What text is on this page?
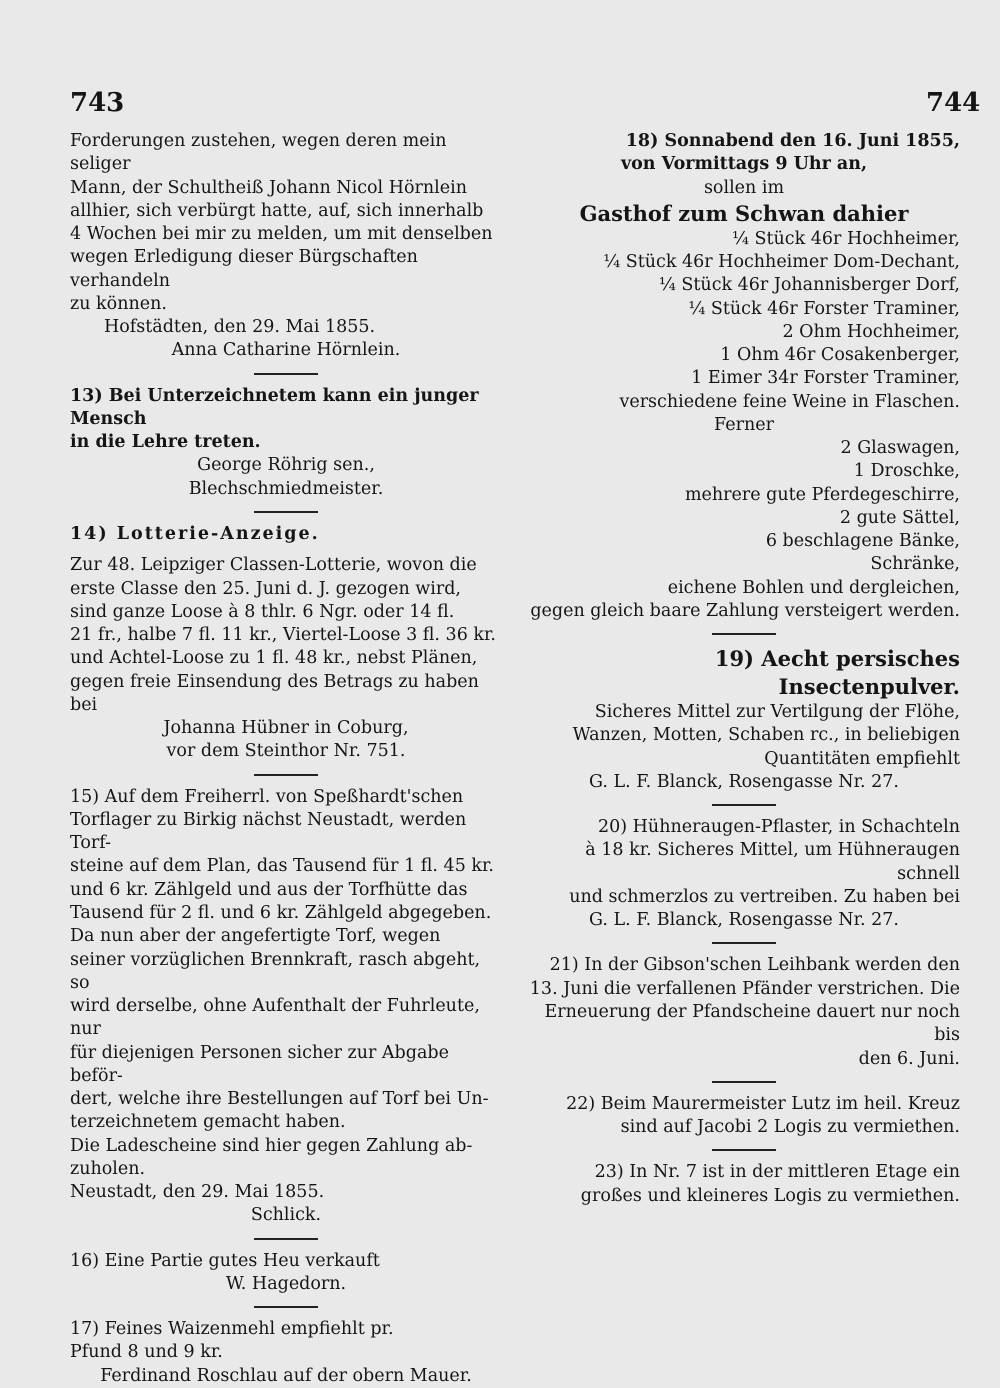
743	744

Forderungen zustehen, wegen deren mein seliger
Mann, der Schultheiß Johann Nicol Hörnlein
allhier, sich verbürgt hatte, auf, sich innerhalb
4 Wochen bei mir zu melden, um mit denselben
wegen Erledigung dieser Bürgschaften verhandeln
zu können.

Hofstädten, den 29. Mai 1855.

Anna Catharine Hörnlein.

13) Bei Unterzeichnetem kann ein junger Mensch
in die Lehre treten.

George Röhrig sen.,

Blechschmiedmeister.

14) Lotterie-Anzeige.

Zur 48. Leipziger Classen-Lotterie, wovon die
erste Classe den 25. Juni d. J. gezogen wird,
sind ganze Loose à 8 thlr. 6 Ngr. oder 14 fl.
21 fr., halbe 7 fl. 11 kr., Viertel-Loose 3 fl. 36 kr.
und Achtel-Loose zu 1 fl. 48 kr., nebst Plänen,
gegen freie Einsendung des Betrags zu haben bei

Johanna Hübner in Coburg,

vor dem Steinthor Nr. 751.

15) Auf dem Freiherrl. von Speßhardt'schen
Torflager zu Birkig nächst Neustadt, werden Torf-
steine auf dem Plan, das Tausend für 1 fl. 45 kr.
und 6 kr. Zählgeld und aus der Torfhütte das
Tausend für 2 fl. und 6 kr. Zählgeld abgegeben.

Da nun aber der angefertigte Torf, wegen
seiner vorzüglichen Brennkraft, rasch abgeht, so
wird derselbe, ohne Aufenthalt der Fuhrleute, nur
für diejenigen Personen sicher zur Abgabe beför-
dert, welche ihre Bestellungen auf Torf bei Un-
terzeichnetem gemacht haben.

Die Ladescheine sind hier gegen Zahlung ab-
zuholen.

Neustadt, den 29. Mai 1855.

Schlick.

16) Eine Partie gutes Heu verkauft

W. Hagedorn.

17) Feines Waizenmehl empfiehlt pr.
Pfund 8 und 9 kr.

Ferdinand Roschlau auf der obern Mauer.

18) Sonnabend den 16. Juni 1855,

von Vormittags 9 Uhr an,

sollen im

Gasthof zum Schwan dahier

¼ Stück 46r Hochheimer,
¼ Stück 46r Hochheimer Dom-Dechant,
¼ Stück 46r Johannisberger Dorf,
¼ Stück 46r Forster Traminer,
2 Ohm Hochheimer,
1 Ohm 46r Cosakenberger,
1 Eimer 34r Forster Traminer,
verschiedene feine Weine in Flaschen.

Ferner

2 Glaswagen,
1 Droschke,
mehrere gute Pferdegeschirre,
2 gute Sättel,
6 beschlagene Bänke,
Schränke,
eichene Bohlen und dergleichen,

gegen gleich baare Zahlung versteigert werden.

19) Aecht persisches Insectenpulver.

Sicheres Mittel zur Vertilgung der Flöhe,
Wanzen, Motten, Schaben rc., in beliebigen
Quantitäten empfiehlt

G. L. F. Blanck, Rosengasse Nr. 27.

20) Hühneraugen-Pflaster, in Schachteln
à 18 kr. Sicheres Mittel, um Hühneraugen schnell
und schmerzlos zu vertreiben. Zu haben bei

G. L. F. Blanck, Rosengasse Nr. 27.

21) In der Gibson'schen Leihbank werden den
13. Juni die verfallenen Pfänder verstrichen. Die
Erneuerung der Pfandscheine dauert nur noch bis
den 6. Juni.

22) Beim Maurermeister Lutz im heil. Kreuz
sind auf Jacobi 2 Logis zu vermiethen.

23) In Nr. 7 ist in der mittleren Etage ein
großes und kleineres Logis zu vermiethen.
